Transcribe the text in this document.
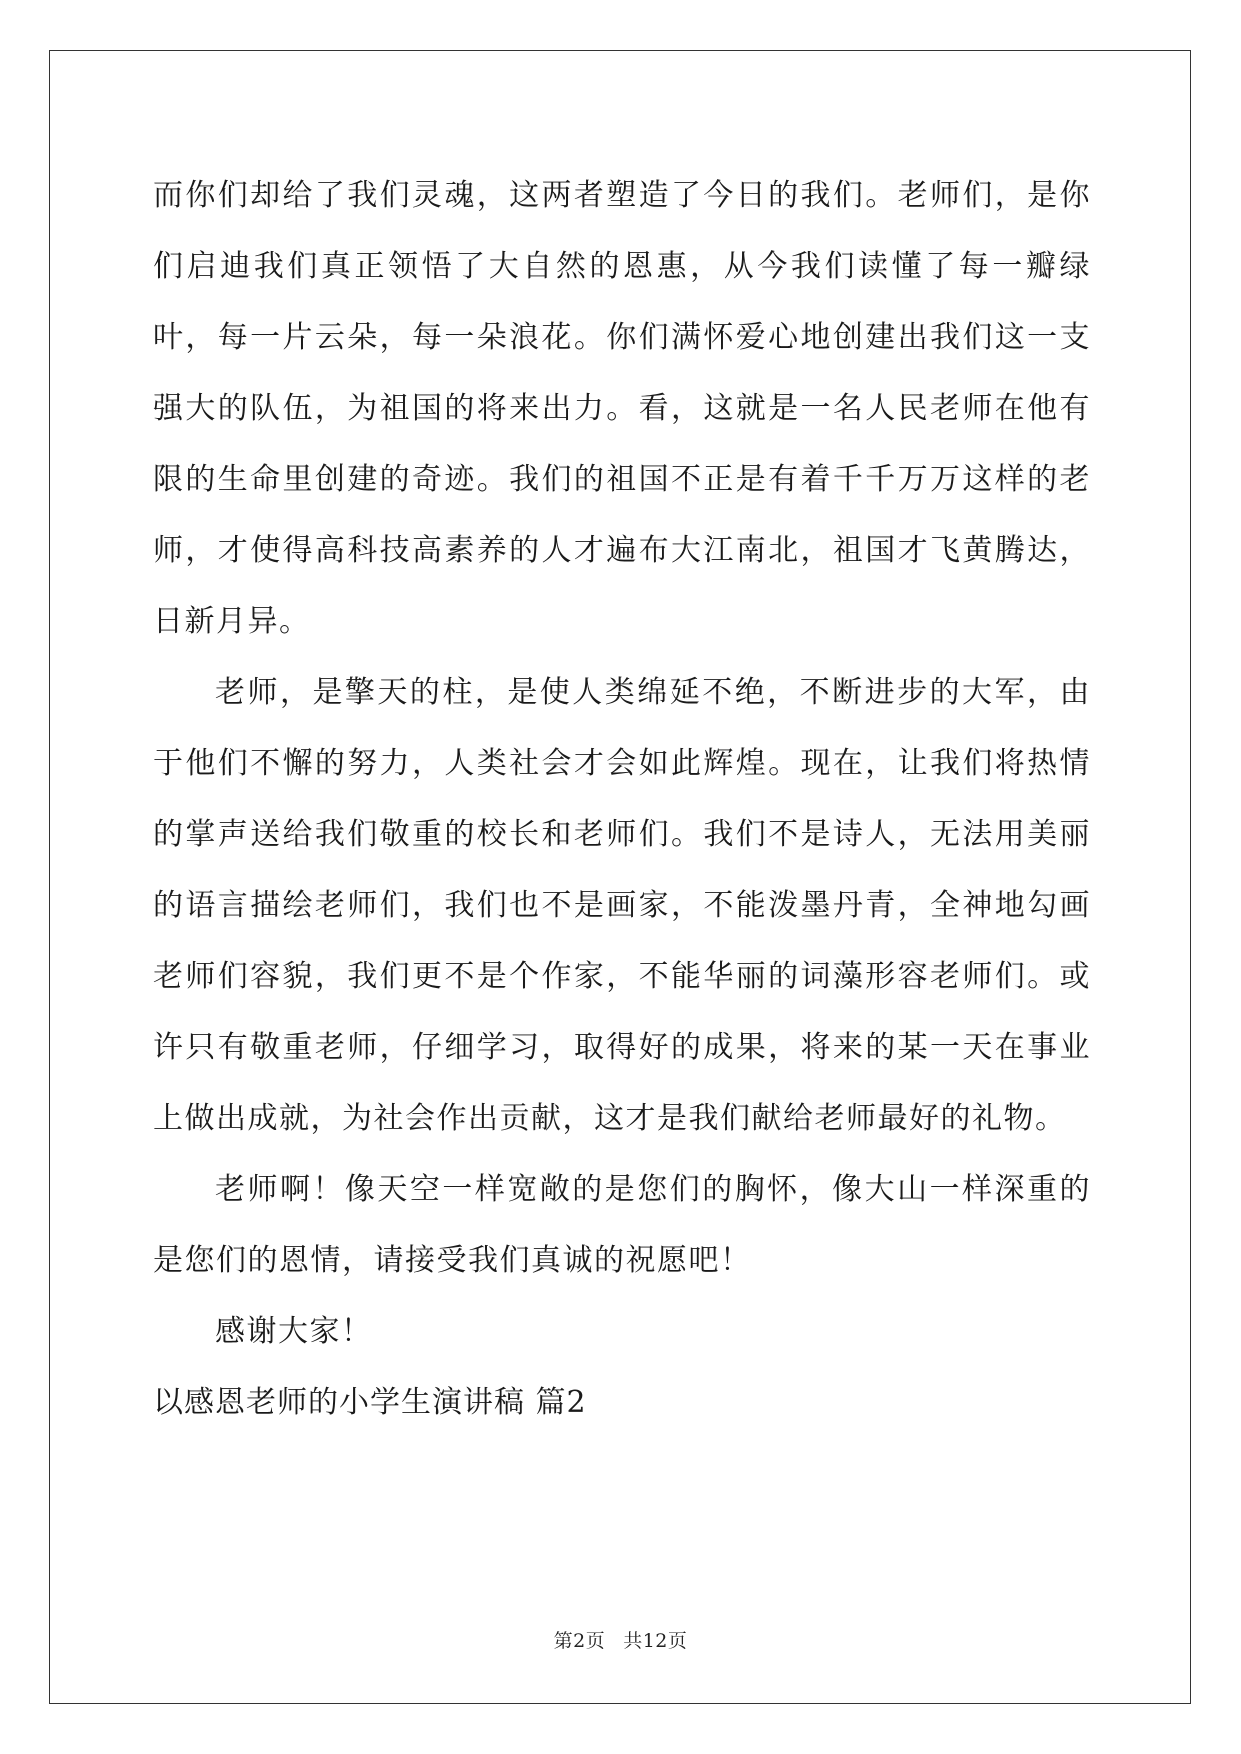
而你们却给了我们灵魂，这两者塑造了今日的我们。老师们，是你们启迪我们真正领悟了大自然的恩惠，从今我们读懂了每一瓣绿叶，每一片云朵，每一朵浪花。你们满怀爱心地创建出我们这一支强大的队伍，为祖国的将来出力。看，这就是一名人民老师在他有限的生命里创建的奇迹。我们的祖国不正是有着千千万万这样的老师，才使得高科技高素养的人才遍布大江南北，祖国才飞黄腾达，日新月异。

老师，是擎天的柱，是使人类绵延不绝，不断进步的大军，由于他们不懈的努力，人类社会才会如此辉煌。现在，让我们将热情的掌声送给我们敬重的校长和老师们。我们不是诗人，无法用美丽的语言描绘老师们，我们也不是画家，不能泼墨丹青，全神地勾画老师们容貌，我们更不是个作家，不能华丽的词藻形容老师们。或许只有敬重老师，仔细学习，取得好的成果，将来的某一天在事业上做出成就，为社会作出贡献，这才是我们献给老师最好的礼物。

老师啊！像天空一样宽敞的是您们的胸怀，像大山一样深重的是您们的恩情，请接受我们真诚的祝愿吧！

感谢大家！

以感恩老师的小学生演讲稿 篇2

第2页 共12页
